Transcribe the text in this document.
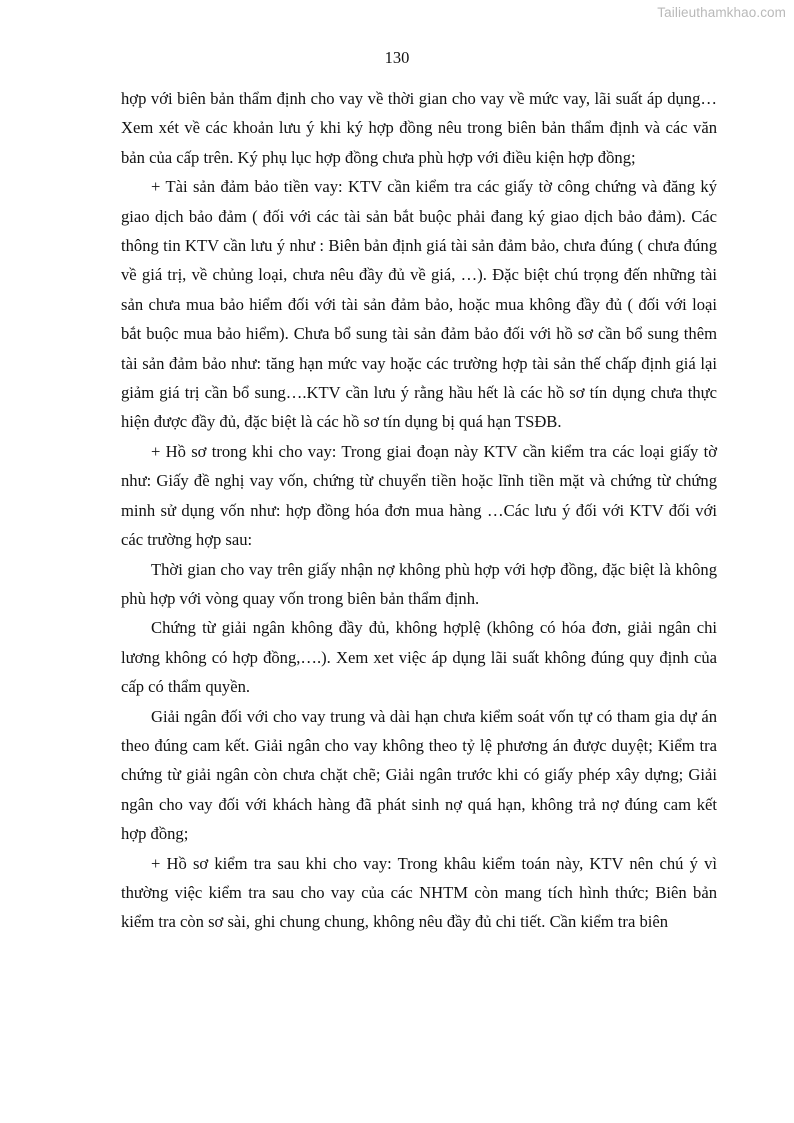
Tailieuthamkhao.com
130

hợp với biên bản thẩm định cho vay về thời gian cho vay về mức vay, lãi suất áp dụng… Xem xét về các khoản lưu ý khi ký hợp đồng nêu trong biên bản thẩm định và các văn bản của cấp trên. Ký phụ lục hợp đồng chưa phù hợp với điều kiện hợp đồng;

+ Tài sản đảm bảo tiền vay: KTV cần kiểm tra các giấy tờ công chứng và đăng ký giao dịch bảo đảm ( đối với các tài sản bắt buộc phải đang ký giao dịch bảo đảm). Các thông tin KTV cần lưu ý như : Biên bản định giá tài sản đảm bảo, chưa đúng ( chưa đúng về giá trị, về chủng loại, chưa nêu đầy đủ về giá, …). Đặc biệt chú trọng đến những tài sản chưa mua bảo hiểm đối với tài sản đảm bảo, hoặc mua không đầy đủ ( đối với loại bắt buộc mua bảo hiểm). Chưa bổ sung tài sản đảm bảo đối với hồ sơ cần bổ sung thêm tài sản đảm bảo như: tăng hạn mức vay hoặc các trường hợp tài sản thế chấp định giá lại giảm giá trị cần bổ sung….KTV cần lưu ý rằng hầu hết là các hồ sơ tín dụng chưa thực hiện được đầy đủ, đặc biệt là các hồ sơ tín dụng bị quá hạn TSĐB.

+ Hồ sơ trong khi cho vay: Trong giai đoạn này KTV cần kiểm tra các loại giấy tờ như: Giấy đề nghị vay vốn, chứng từ chuyển tiền hoặc lĩnh tiền mặt và chứng từ chứng minh sử dụng vốn như: hợp đồng hóa đơn mua hàng …Các lưu ý đối với KTV đối với các trường hợp sau:

Thời gian cho vay trên giấy nhận nợ không phù hợp với hợp đồng, đặc biệt là không phù hợp với vòng quay vốn trong biên bản thẩm định.

Chứng từ giải ngân không đầy đủ, không hợplệ (không có hóa đơn, giải ngân chi lương không có hợp đồng,….). Xem xet việc áp dụng lãi suất không đúng quy định của cấp có thẩm quyền.

Giải ngân đối với cho vay trung và dài hạn chưa kiểm soát vốn tự có tham gia dự án theo đúng cam kết. Giải ngân cho vay không theo tỷ lệ phương án được duyệt; Kiểm tra chứng từ giải ngân còn chưa chặt chẽ; Giải ngân trước khi có giấy phép xây dựng; Giải ngân cho vay đối với khách hàng đã phát sinh nợ quá hạn, không trả nợ đúng cam kết hợp đồng;

+ Hồ sơ kiểm tra sau khi cho vay: Trong khâu kiểm toán này, KTV nên chú ý vì thường việc kiểm tra sau cho vay của các NHTM còn mang tích hình thức; Biên bản kiểm tra còn sơ sài, ghi chung chung, không nêu đầy đủ chi tiết. Cần kiểm tra biên
